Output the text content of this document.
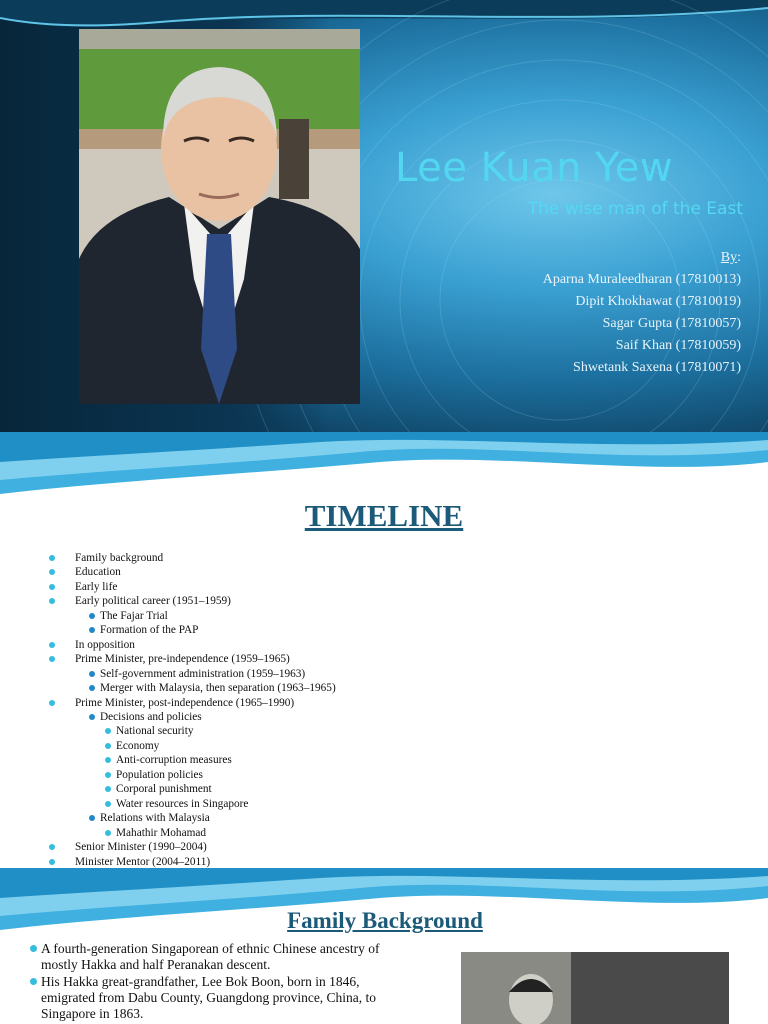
Lee Kuan Yew
The wise man of the East
By:
Aparna Muraleedharan (17810013)
Dipit Khokhawat (17810019)
Sagar Gupta (17810057)
Saif Khan (17810059)
Shwetank Saxena (17810071)
TIMELINE
Family background
Education
Early life
Early political career (1951–1959)
The Fajar Trial
Formation of the PAP
In opposition
Prime Minister, pre-independence (1959–1965)
Self-government administration (1959–1963)
Merger with Malaysia, then separation (1963–1965)
Prime Minister, post-independence (1965–1990)
Decisions and policies
National security
Economy
Anti-corruption measures
Population policies
Corporal punishment
Water resources in Singapore
Relations with Malaysia
Mahathir Mohamad
Senior Minister (1990–2004)
Minister Mentor (2004–2011)
Family Background

A fourth-generation Singaporean of ethnic Chinese ancestry of mostly Hakka and half Peranakan descent.

His Hakka great-grandfather, Lee Bok Boon, born in 1846, emigrated from Dabu County, Guangdong province, China, to Singapore in 1863.
